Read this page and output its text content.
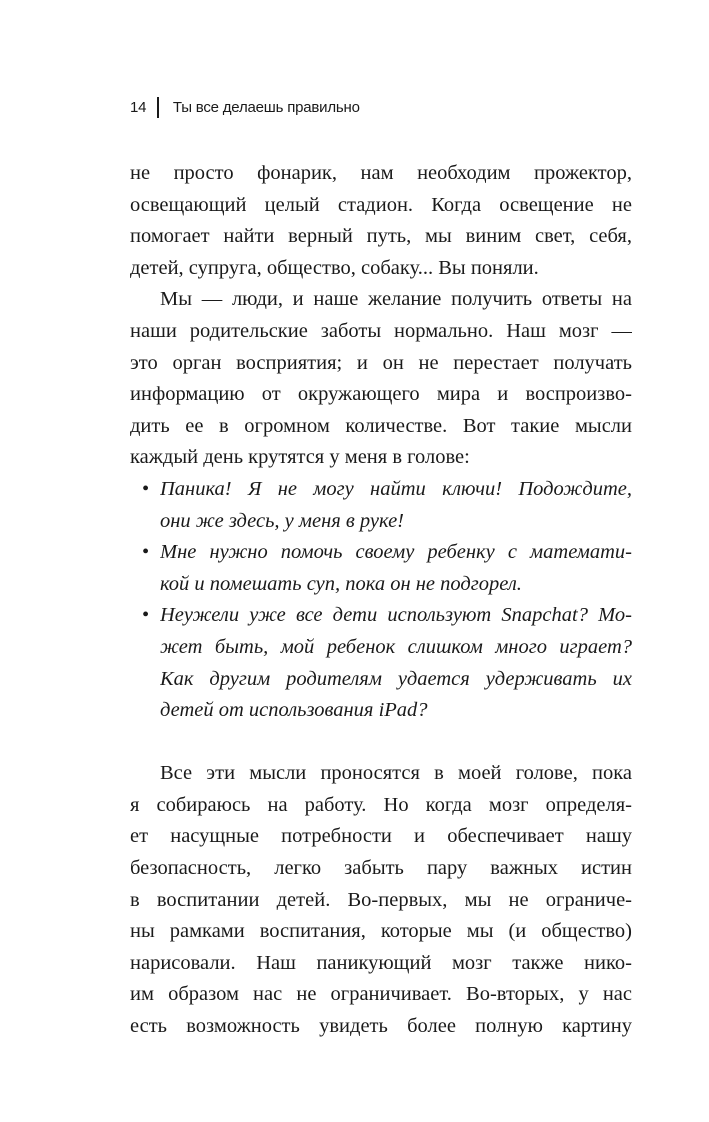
14 Ты все делаешь правильно
не просто фонарик, нам необходим прожектор,
освещающий целый стадион. Когда освещение не
помогает найти верный путь, мы виним свет, себя,
детей, супруга, общество, собаку... Вы поняли.
Мы — люди, и наше желание получить ответы на
наши родительские заботы нормально. Наш мозг —
это орган восприятия; и он не перестает получать
информацию от окружающего мира и воспроизво-
дить ее в огромном количестве. Вот такие мысли
каждый день крутятся у меня в голове:
• Паника! Я не могу найти ключи! Подождите,
они же здесь, у меня в руке!
• Мне нужно помочь своему ребенку с математи-
кой и помешать суп, пока он не подгорел.
• Неужели уже все дети используют Snapchat? Мо-
жет быть, мой ребенок слишком много играет?
Как другим родителям удается удерживать их
детей от использования iPad?
Все эти мысли проносятся в моей голове, пока
я собираюсь на работу. Но когда мозг определя-
ет насущные потребности и обеспечивает нашу
безопасность, легко забыть пару важных истин
в воспитании детей. Во-первых, мы не ограниче-
ны рамками воспитания, которые мы (и общество)
нарисовали. Наш паникующий мозг также нико-
им образом нас не ограничивает. Во-вторых, у нас
есть возможность увидеть более полную картину
